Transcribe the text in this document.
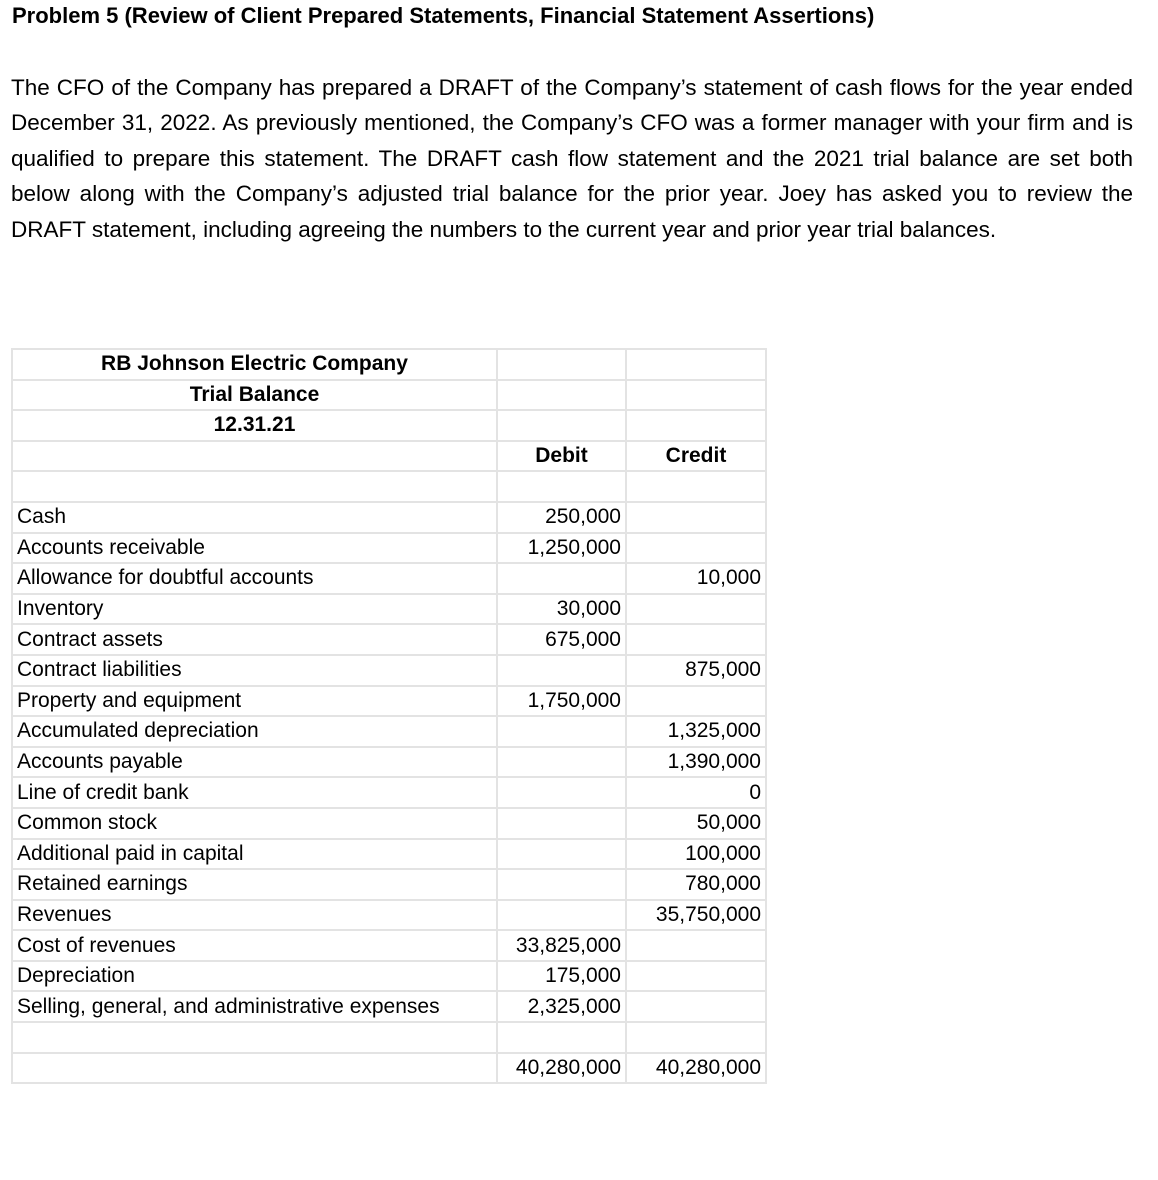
Problem 5 (Review of Client Prepared Statements, Financial Statement Assertions)

The CFO of the Company has prepared a DRAFT of the Company’s statement of cash flows for the year ended December 31, 2022. As previously mentioned, the Company’s CFO was a former manager with your firm and is qualified to prepare this statement. The DRAFT cash flow statement and the 2021 trial balance are set both below along with the Company’s adjusted trial balance for the prior year. Joey has asked you to review the DRAFT statement, including agreeing the numbers to the current year and prior year trial balances.

RB Johnson Electric Company		
Trial Balance		
12.31.21		
	Debit	Credit

Cash	250,000	
Accounts receivable	1,250,000	
Allowance for doubtful accounts		10,000
Inventory	30,000	
Contract assets	675,000	
Contract liabilities		875,000
Property and equipment	1,750,000	
Accumulated depreciation		1,325,000
Accounts payable		1,390,000
Line of credit bank		0
Common stock		50,000
Additional paid in capital		100,000
Retained earnings		780,000
Revenues		35,750,000
Cost of revenues	33,825,000	
Depreciation	175,000	
Selling, general, and administrative expenses	2,325,000	

	40,280,000	40,280,000
